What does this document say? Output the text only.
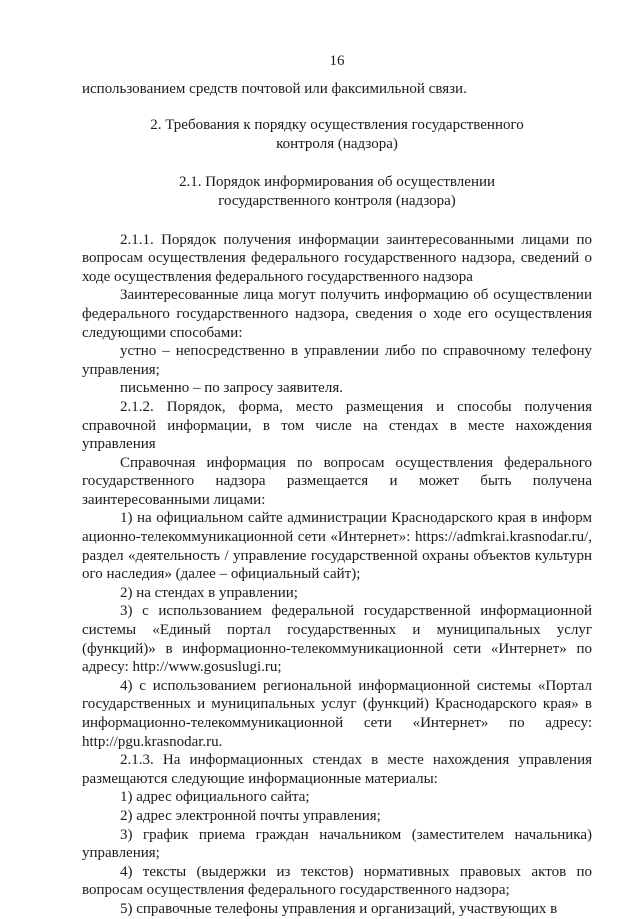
16

использованием средств почтовой или факсимильной связи.

2. Требования к порядку осуществления государственного
контроля (надзора)
2.1. Порядок информирования об осуществлении
государственного контроля (надзора)

2.1.1. Порядок получения информации заинтересованными лицами по вопросам осуществления федерального государственного надзора, сведений о ходе осуществления федерального государственного надзора

Заинтересованные лица могут получить информацию об осуществлении федерального государственного надзора, сведения о ходе его осуществления следующими способами:

устно – непосредственно в управлении либо по справочному телефону управления;

письменно – по запросу заявителя.

2.1.2. Порядок, форма, место размещения и способы получения справочной информации, в том числе на стендах в месте нахождения управления

Справочная информация по вопросам осуществления федерального государственного надзора размещается и может быть получена заинтересованными лицами:

1) на официальном сайте администрации Краснодарского края в информационно-телекоммуникационной сети «Интернет»: https://admkrai.krasnodar.ru/, раздел «деятельность / управление государственной охраны объектов культурного наследия» (далее – официальный сайт);

2) на стендах в управлении;

3) с использованием федеральной государственной информационной системы «Единый портал государственных и муниципальных услуг (функций)» в информационно-телекоммуникационной сети «Интернет» по адресу: http://www.gosuslugi.ru;

4) с использованием региональной информационной системы «Портал государственных и муниципальных услуг (функций) Краснодарского края» в информационно-телекоммуникационной сети «Интернет» по адресу: http://pgu.krasnodar.ru.

2.1.3. На информационных стендах в месте нахождения управления размещаются следующие информационные материалы:

1) адрес официального сайта;

2) адрес электронной почты управления;

3) график приема граждан начальником (заместителем начальника) управления;

4) тексты (выдержки из текстов) нормативных правовых актов по вопросам осуществления федерального государственного надзора;

5) справочные телефоны управления и организаций, участвующих в
